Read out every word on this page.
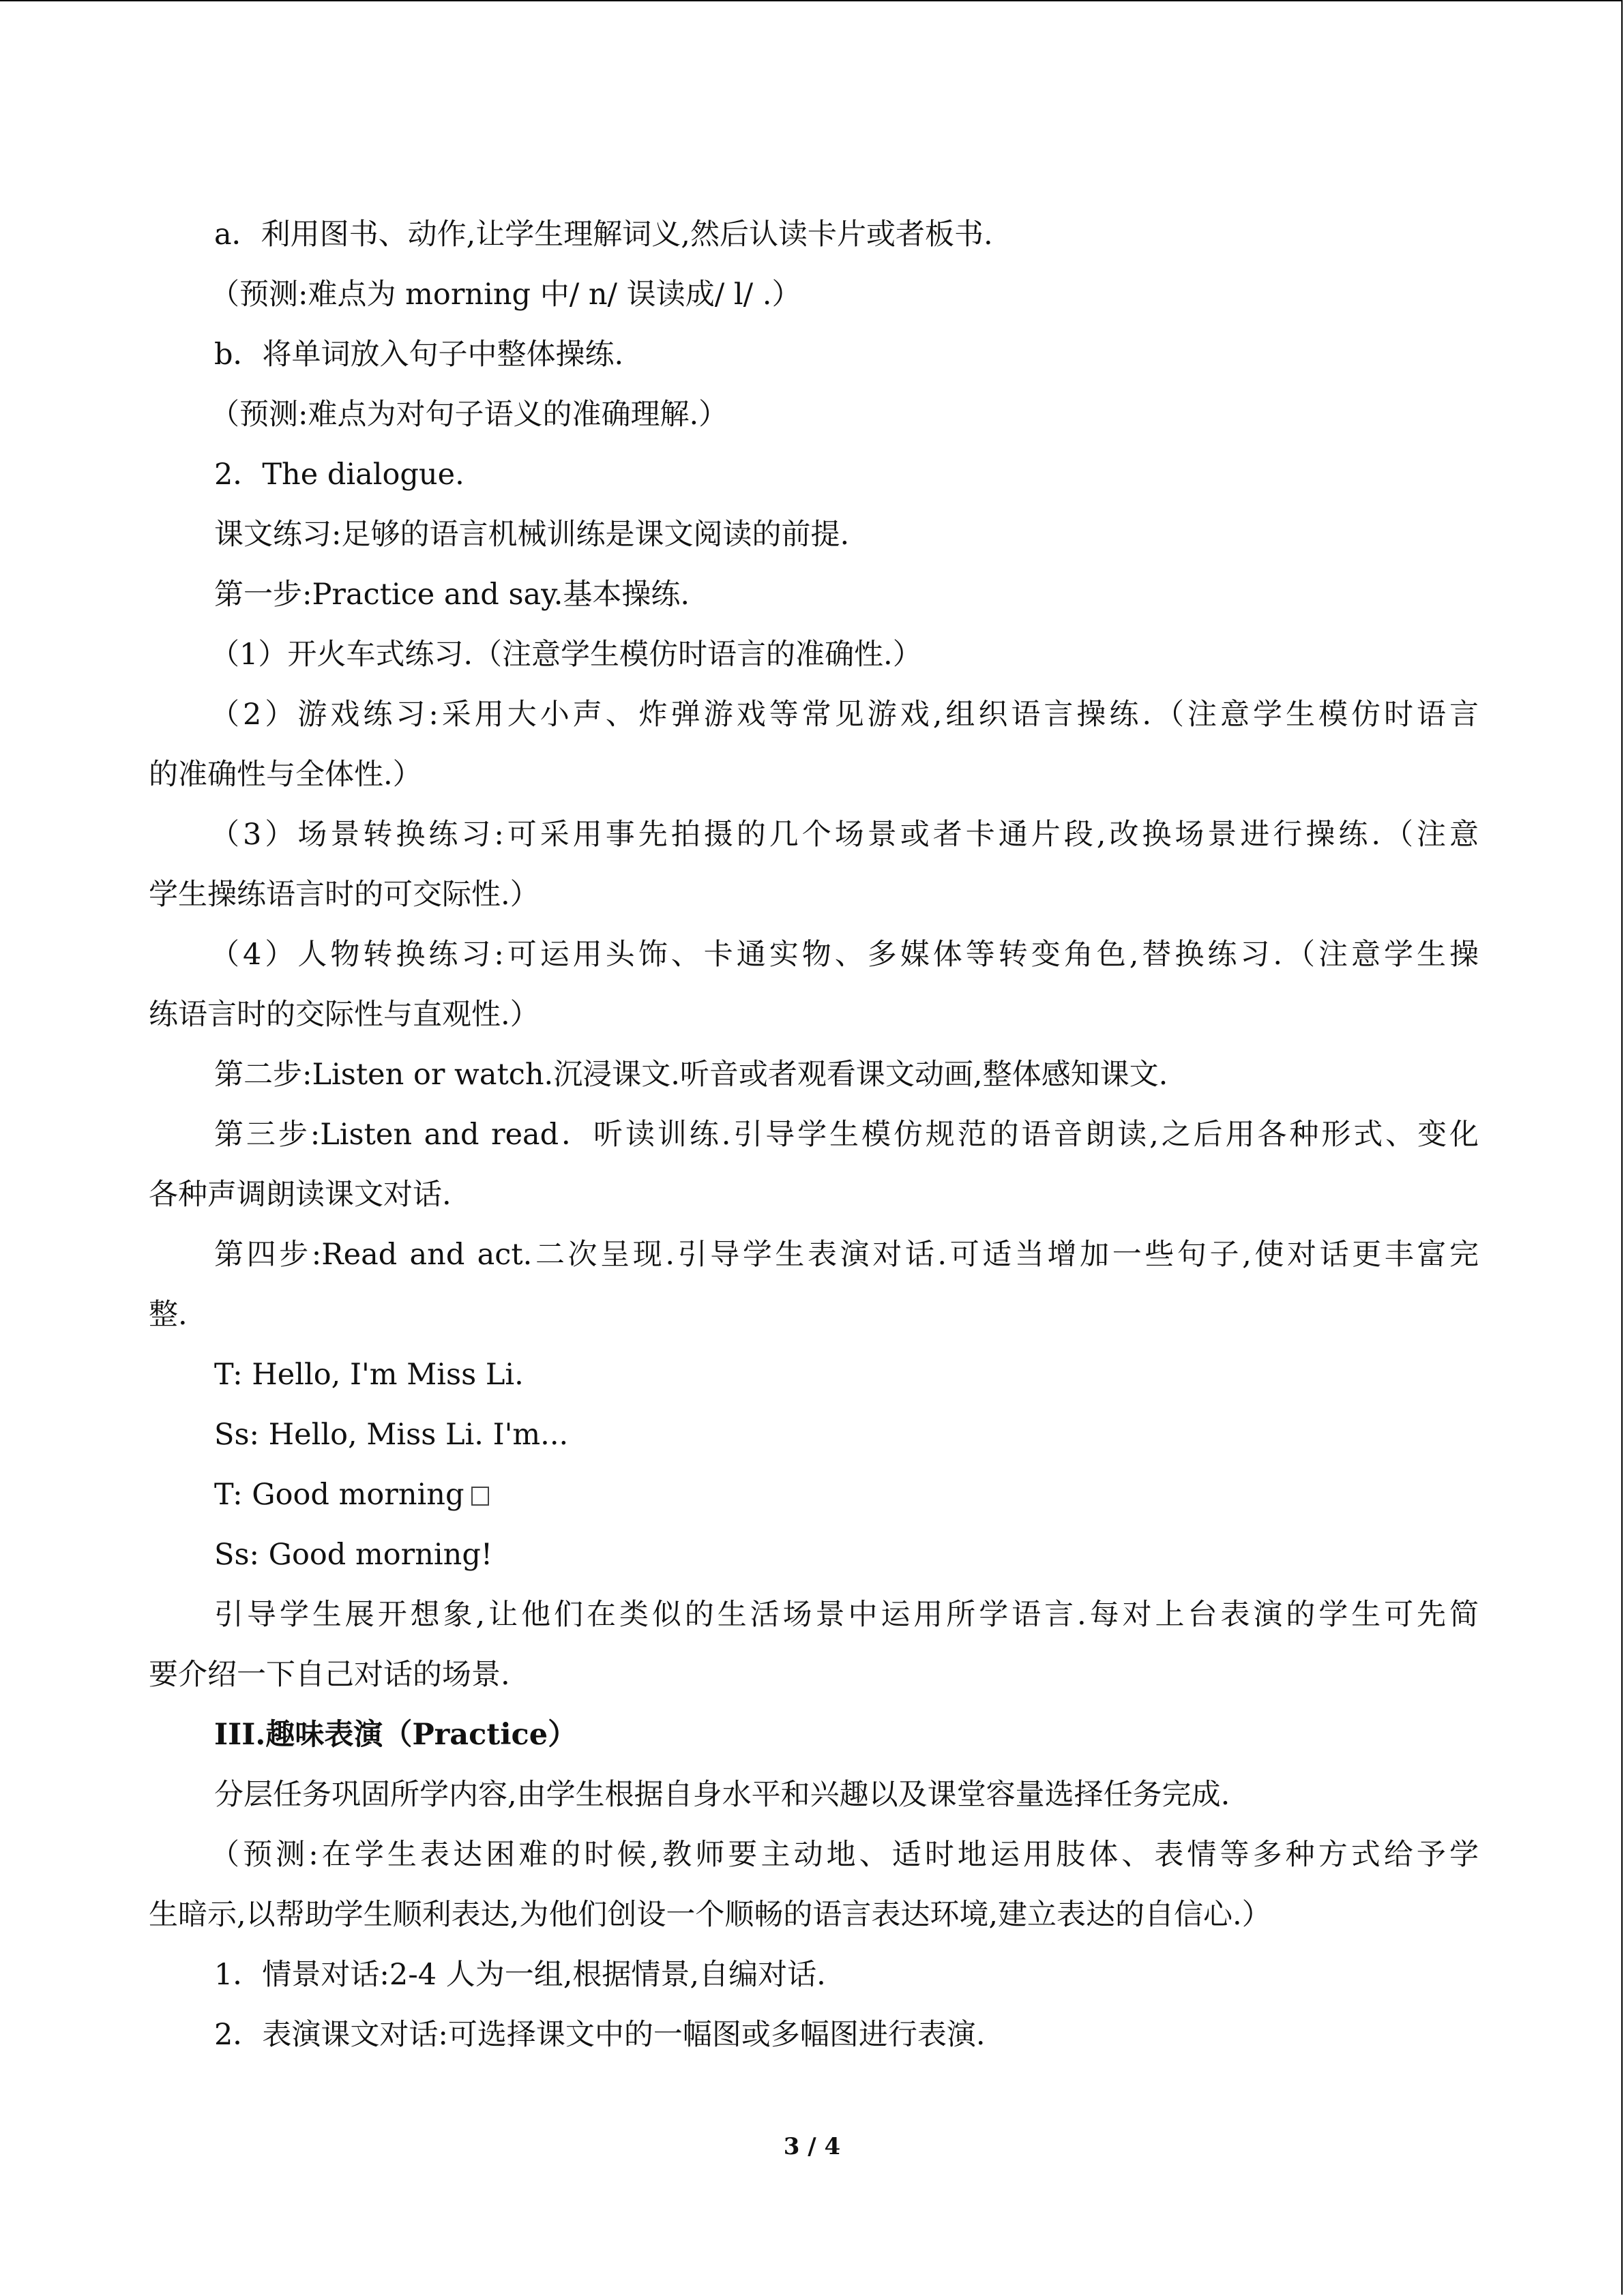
a．利用图书、动作,让学生理解词义,然后认读卡片或者板书.
（预测:难点为 morning 中/ n/ 误读成/ l/ .）
b．将单词放入句子中整体操练.
（预测:难点为对句子语义的准确理解.）
2．The dialogue.
课文练习:足够的语言机械训练是课文阅读的前提.
第一步:Practice and say.基本操练.
（1）开火车式练习.（注意学生模仿时语言的准确性.）
（2）游戏练习:采用大小声、炸弹游戏等常见游戏,组织语言操练.（注意学生模仿时语言
的准确性与全体性.）
（3）场景转换练习:可采用事先拍摄的几个场景或者卡通片段,改换场景进行操练.（注意
学生操练语言时的可交际性.）
（4）人物转换练习:可运用头饰、卡通实物、多媒体等转变角色,替换练习.（注意学生操
练语言时的交际性与直观性.）
第二步:Listen or watch.沉浸课文.听音或者观看课文动画,整体感知课文.
第三步:Listen and read．听读训练.引导学生模仿规范的语音朗读,之后用各种形式、变化
各种声调朗读课文对话.
第四步:Read and act.二次呈现.引导学生表演对话.可适当增加一些句子,使对话更丰富完
整.
T: Hello, I'm Miss Li.
Ss: Hello, Miss Li. I'm...
T: Good morning
Ss: Good morning!
引导学生展开想象,让他们在类似的生活场景中运用所学语言.每对上台表演的学生可先简
要介绍一下自己对话的场景.
III.趣味表演（Practice）
分层任务巩固所学内容,由学生根据自身水平和兴趣以及课堂容量选择任务完成.
（预测:在学生表达困难的时候,教师要主动地、适时地运用肢体、表情等多种方式给予学
生暗示,以帮助学生顺利表达,为他们创设一个顺畅的语言表达环境,建立表达的自信心.）
1．情景对话:2-4 人为一组,根据情景,自编对话.
2．表演课文对话:可选择课文中的一幅图或多幅图进行表演.
3 / 4
